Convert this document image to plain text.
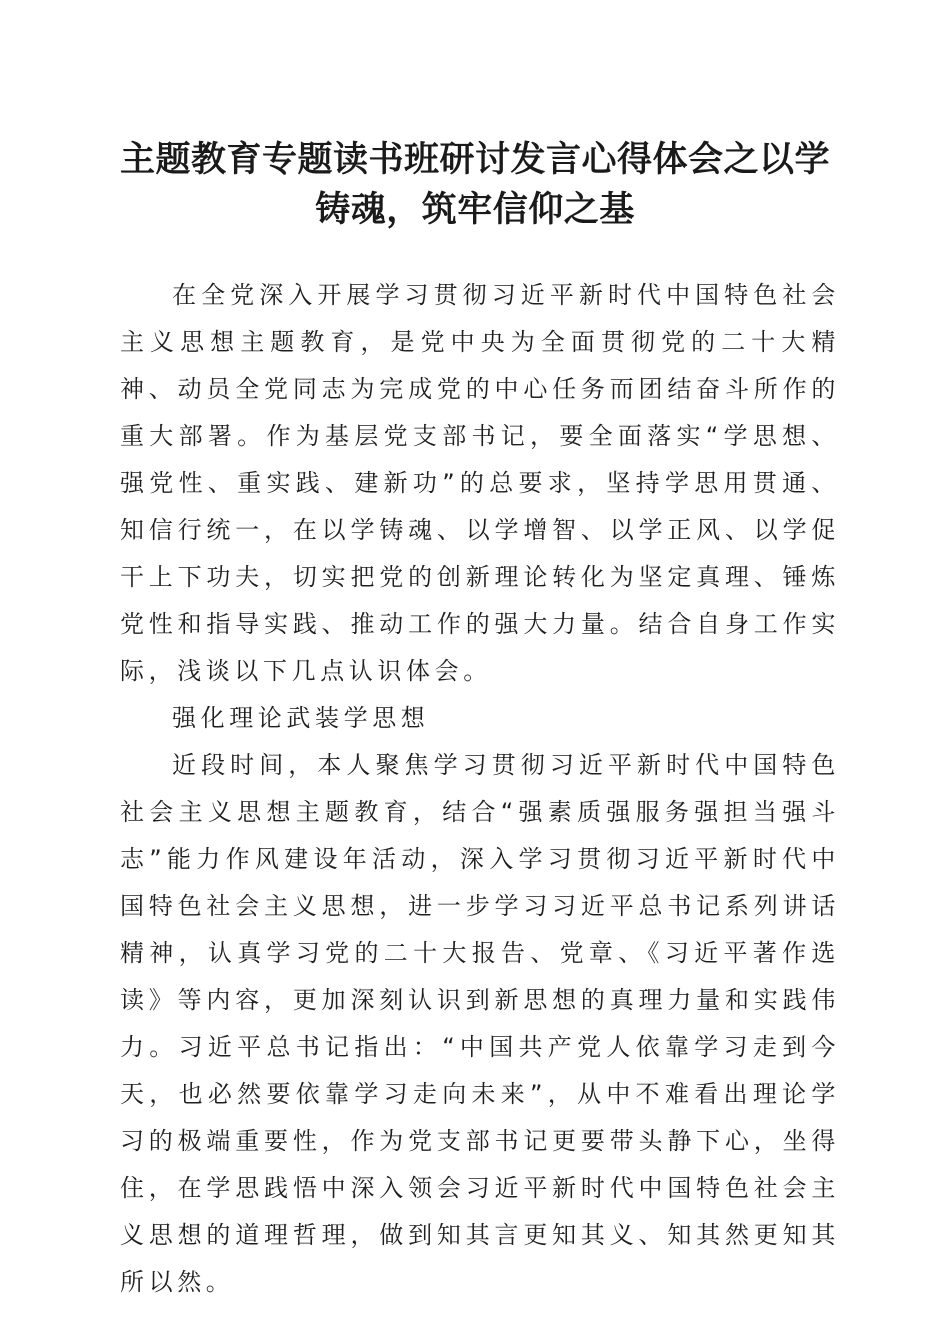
主题教育专题读书班研讨发言心得体会之以学
铸魂，筑牢信仰之基

在全党深入开展学习贯彻习近平新时代中国特色社会主义思想主题教育，是党中央为全面贯彻党的二十大精神、动员全党同志为完成党的中心任务而团结奋斗所作的重大部署。作为基层党支部书记，要全面落实“学思想、强党性、重实践、建新功”的总要求，坚持学思用贯通、知信行统一，在以学铸魂、以学增智、以学正风、以学促干上下功夫，切实把党的创新理论转化为坚定真理、锤炼党性和指导实践、推动工作的强大力量。结合自身工作实际，浅谈以下几点认识体会。

强化理论武装学思想

近段时间，本人聚焦学习贯彻习近平新时代中国特色社会主义思想主题教育，结合“强素质强服务强担当强斗志”能力作风建设年活动，深入学习贯彻习近平新时代中国特色社会主义思想，进一步学习习近平总书记系列讲话精神，认真学习党的二十大报告、党章、《习近平著作选读》等内容，更加深刻认识到新思想的真理力量和实践伟力。习近平总书记指出：“中国共产党人依靠学习走到今天，也必然要依靠学习走向未来”，从中不难看出理论学习的极端重要性，作为党支部书记更要带头静下心，坐得住，在学思践悟中深入领会习近平新时代中国特色社会主义思想的道理哲理，做到知其言更知其义、知其然更知其所以然。
